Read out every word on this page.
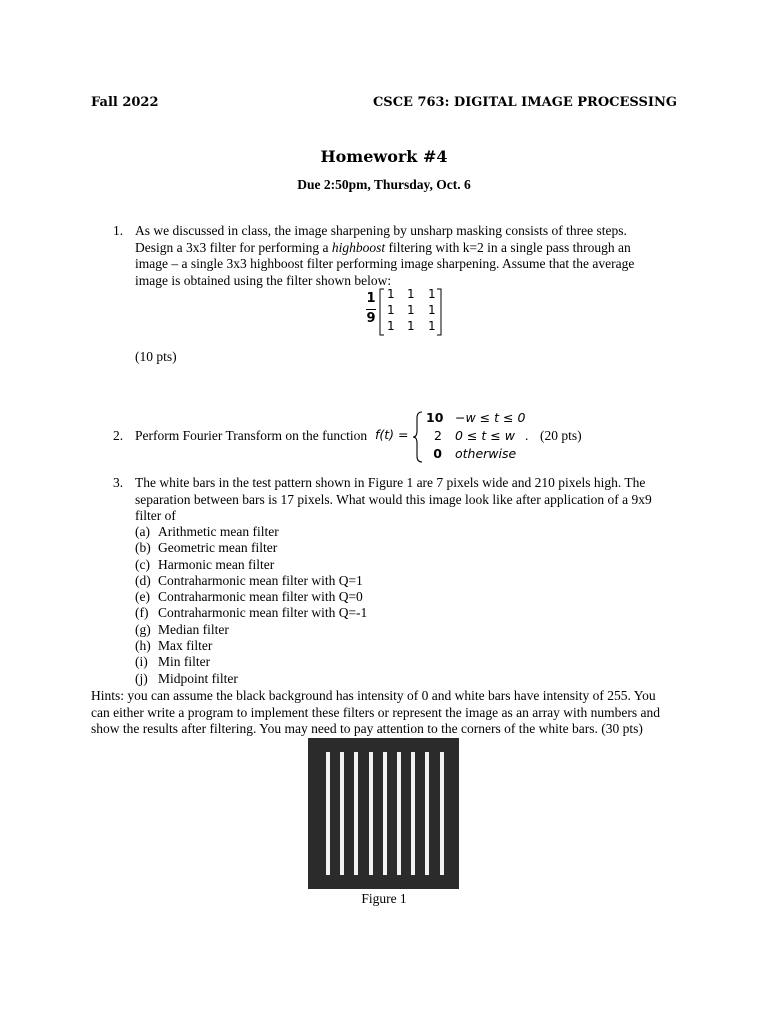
Fall 2022	CSCE 763: DIGITAL IMAGE PROCESSING
Homework #4
Due 2:50pm, Thursday, Oct. 6
1. As we discussed in class, the image sharpening by unsharp masking consists of three steps.
Design a 3x3 filter for performing a highboost filtering with k=2 in a single pass through an
image – a single 3x3 highboost filter performing image sharpening. Assume that the average
image is obtained using the filter shown below:
1
9
1 1 1
1 1 1
1 1 1
(10 pts)
2. Perform Fourier Transform on the function f(t) =
10 −w ≤ t ≤ 0
2 0 ≤ t ≤ w
0 otherwise
. (20 pts)
3. The white bars in the test pattern shown in Figure 1 are 7 pixels wide and 210 pixels high. The
separation between bars is 17 pixels. What would this image look like after application of a 9x9
filter of
(a) Arithmetic mean filter
(b) Geometric mean filter
(c) Harmonic mean filter
(d) Contraharmonic mean filter with Q=1
(e) Contraharmonic mean filter with Q=0
(f) Contraharmonic mean filter with Q=-1
(g) Median filter
(h) Max filter
(i) Min filter
(j) Midpoint filter
Hints: you can assume the black background has intensity of 0 and white bars have intensity of 255. You
can either write a program to implement these filters or represent the image as an array with numbers and
show the results after filtering. You may need to pay attention to the corners of the white bars. (30 pts)
Figure 1
